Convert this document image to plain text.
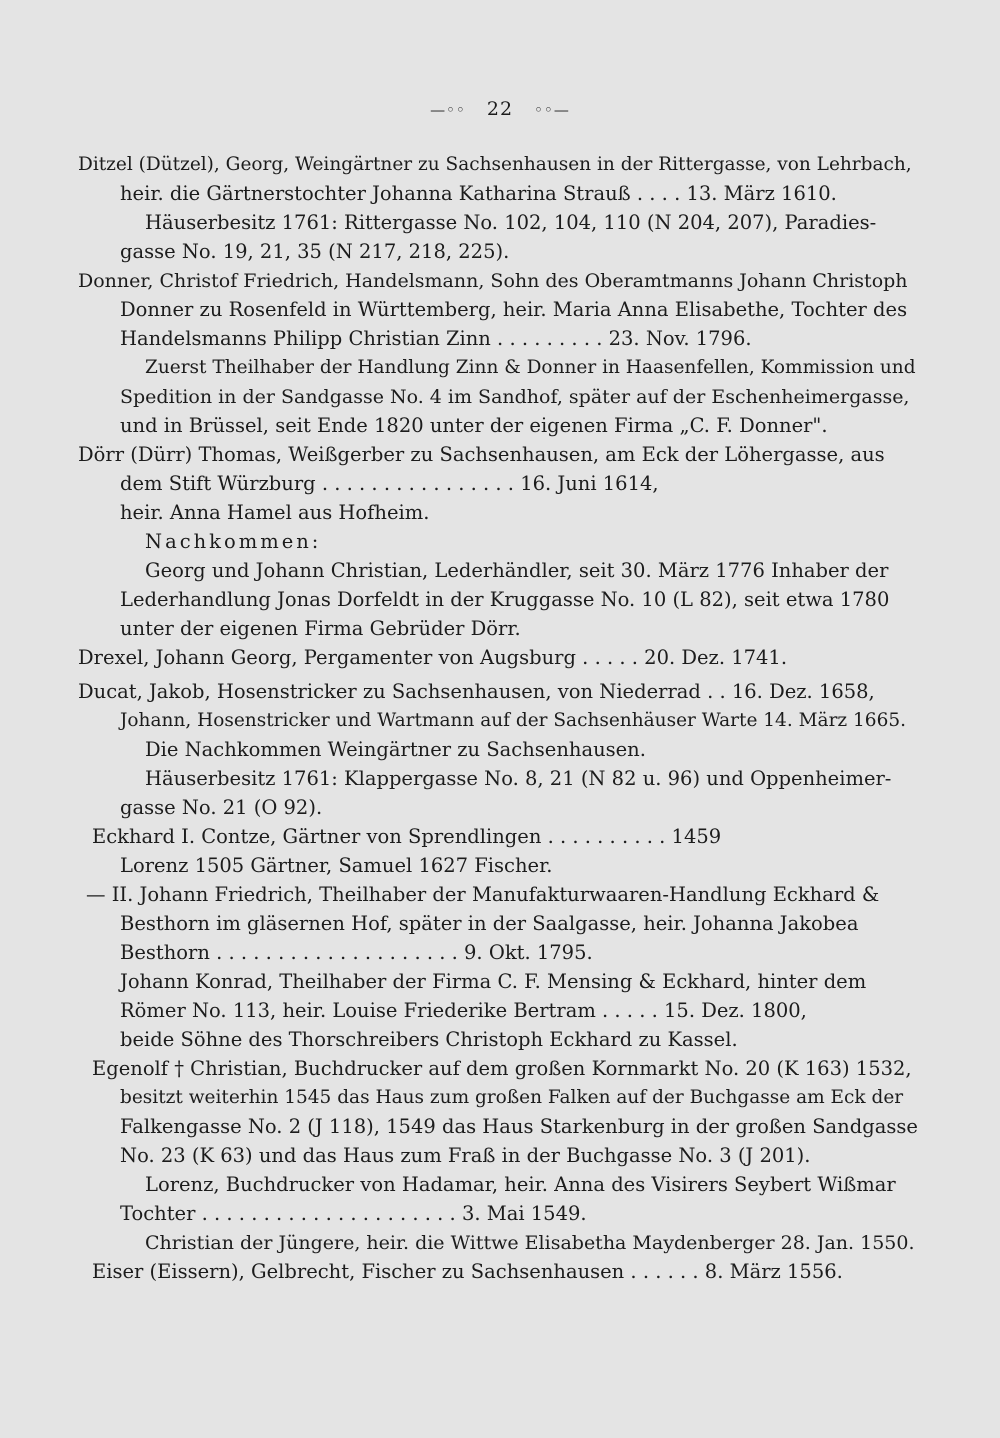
—◦◦ 22 ◦◦—
Ditzel (Dützel), Georg, Weingärtner zu Sachsenhausen in der Rittergasse, von Lehrbach,
heir. die Gärtnerstochter Johanna Katharina Strauß . . . . 13. März 1610.
Häuserbesitz 1761: Rittergasse No. 102, 104, 110 (N 204, 207), Paradies-
gasse No. 19, 21, 35 (N 217, 218, 225).
Donner, Christof Friedrich, Handelsmann, Sohn des Oberamtmanns Johann Christoph
Donner zu Rosenfeld in Württemberg, heir. Maria Anna Elisabethe, Tochter des
Handelsmanns Philipp Christian Zinn . . . . . . . . . 23. Nov. 1796.
Zuerst Theilhaber der Handlung Zinn & Donner in Haasenfellen, Kommission und
Spedition in der Sandgasse No. 4 im Sandhof, später auf der Eschenheimergasse,
und in Brüssel, seit Ende 1820 unter der eigenen Firma „C. F. Donner".
Dörr (Dürr) Thomas, Weißgerber zu Sachsenhausen, am Eck der Löhergasse, aus
dem Stift Würzburg . . . . . . . . . . . . . . . . 16. Juni 1614,
heir. Anna Hamel aus Hofheim.
Nachkommen:
Georg und Johann Christian, Lederhändler, seit 30. März 1776 Inhaber der
Lederhandlung Jonas Dorfeldt in der Kruggasse No. 10 (L 82), seit etwa 1780
unter der eigenen Firma Gebrüder Dörr.
Drexel, Johann Georg, Pergamenter von Augsburg . . . . . 20. Dez. 1741.
Ducat, Jakob, Hosenstricker zu Sachsenhausen, von Niederrad . . 16. Dez. 1658,
Johann, Hosenstricker und Wartmann auf der Sachsenhäuser Warte 14. März 1665.
Die Nachkommen Weingärtner zu Sachsenhausen.
Häuserbesitz 1761: Klappergasse No. 8, 21 (N 82 u. 96) und Oppenheimer-
gasse No. 21 (O 92).
Eckhard I. Contze, Gärtner von Sprendlingen . . . . . . . . . . 1459
Lorenz 1505 Gärtner, Samuel 1627 Fischer.
— II. Johann Friedrich, Theilhaber der Manufakturwaaren-Handlung Eckhard &
Besthorn im gläsernen Hof, später in der Saalgasse, heir. Johanna Jakobea
Besthorn . . . . . . . . . . . . . . . . . . . . 9. Okt. 1795.
Johann Konrad, Theilhaber der Firma C. F. Mensing & Eckhard, hinter dem
Römer No. 113, heir. Louise Friederike Bertram . . . . . 15. Dez. 1800,
beide Söhne des Thorschreibers Christoph Eckhard zu Kassel.
Egenolf † Christian, Buchdrucker auf dem großen Kornmarkt No. 20 (K 163) 1532,
besitzt weiterhin 1545 das Haus zum großen Falken auf der Buchgasse am Eck der
Falkengasse No. 2 (J 118), 1549 das Haus Starkenburg in der großen Sandgasse
No. 23 (K 63) und das Haus zum Fraß in der Buchgasse No. 3 (J 201).
Lorenz, Buchdrucker von Hadamar, heir. Anna des Visirers Seybert Wißmar
Tochter . . . . . . . . . . . . . . . . . . . . . 3. Mai 1549.
Christian der Jüngere, heir. die Wittwe Elisabetha Maydenberger 28. Jan. 1550.
Eiser (Eissern), Gelbrecht, Fischer zu Sachsenhausen . . . . . . 8. März 1556.
